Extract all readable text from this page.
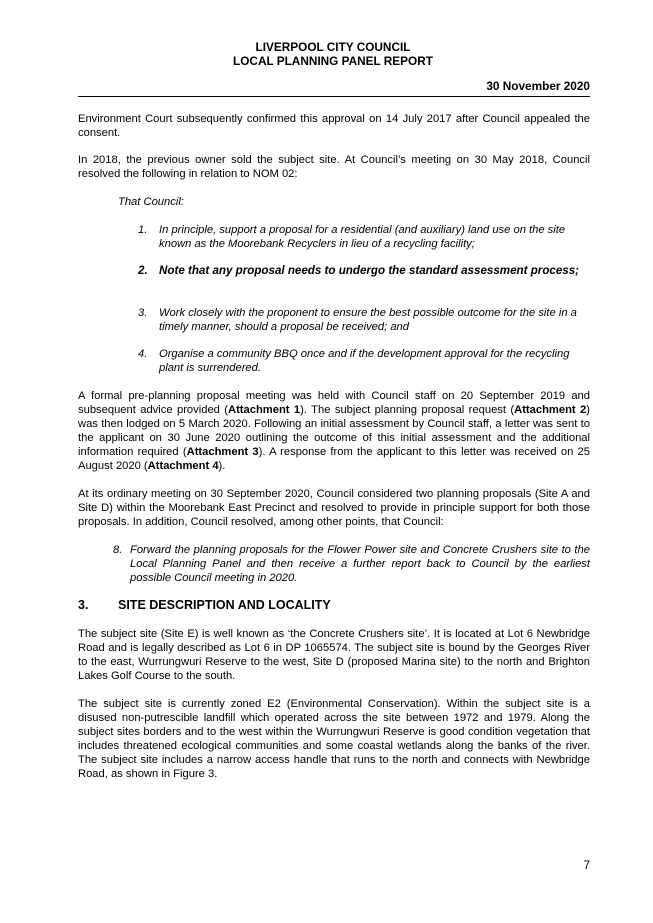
LIVERPOOL CITY COUNCIL
LOCAL PLANNING PANEL REPORT
30 November 2020
Environment Court subsequently confirmed this approval on 14 July 2017 after Council appealed the consent.
In 2018, the previous owner sold the subject site. At Council’s meeting on 30 May 2018, Council resolved the following in relation to NOM 02:
That Council:
1.	In principle, support a proposal for a residential (and auxiliary) land use on the site known as the Moorebank Recyclers in lieu of a recycling facility;
2. Note that any proposal needs to undergo the standard assessment process;
3.	Work closely with the proponent to ensure the best possible outcome for the site in a timely manner, should a proposal be received; and
4.	Organise a community BBQ once and if the development approval for the recycling plant is surrendered.
A formal pre-planning proposal meeting was held with Council staff on 20 September 2019 and subsequent advice provided (Attachment 1). The subject planning proposal request (Attachment 2) was then lodged on 5 March 2020. Following an initial assessment by Council staff, a letter was sent to the applicant on 30 June 2020 outlining the outcome of this initial assessment and the additional information required (Attachment 3). A response from the applicant to this letter was received on 25 August 2020 (Attachment 4).
At its ordinary meeting on 30 September 2020, Council considered two planning proposals (Site A and Site D) within the Moorebank East Precinct and resolved to provide in principle support for both those proposals. In addition, Council resolved, among other points, that Council:
8. Forward the planning proposals for the Flower Power site and Concrete Crushers site to the Local Planning Panel and then receive a further report back to Council by the earliest possible Council meeting in 2020.
3. SITE DESCRIPTION AND LOCALITY
The subject site (Site E) is well known as ‘the Concrete Crushers site’. It is located at Lot 6 Newbridge Road and is legally described as Lot 6 in DP 1065574. The subject site is bound by the Georges River to the east, Wurrungwuri Reserve to the west, Site D (proposed Marina site) to the north and Brighton Lakes Golf Course to the south.
The subject site is currently zoned E2 (Environmental Conservation). Within the subject site is a disused non-putrescible landfill which operated across the site between 1972 and 1979. Along the subject sites borders and to the west within the Wurrungwuri Reserve is good condition vegetation that includes threatened ecological communities and some coastal wetlands along the banks of the river. The subject site includes a narrow access handle that runs to the north and connects with Newbridge Road, as shown in Figure 3.
7
